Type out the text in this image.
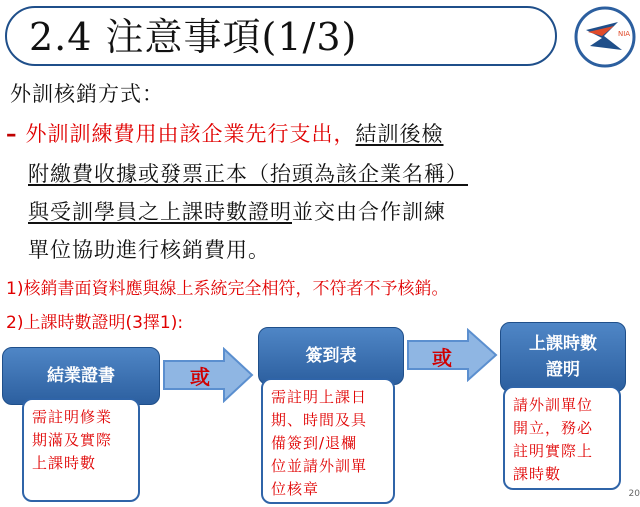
2.4 注意事項(1/3)	NIA
外訓核銷方式：
– 外訓訓練費用由該企業先行支出，結訓後檢
附繳費收據或發票正本（抬頭為該企業名稱）
與受訓學員之上課時數證明並交由合作訓練
單位協助進行核銷費用。
1)核銷書面資料應與線上系統完全相符，不符者不予核銷。
2)上課時數證明(3擇1):
結業證書
需註明修業
期滿及實際
上課時數
或
簽到表
需註明上課日
期、時間及具
備簽到/退欄
位並請外訓單
位核章
或
上課時數
證明
請外訓單位
開立，務必
註明實際上
課時數
20
